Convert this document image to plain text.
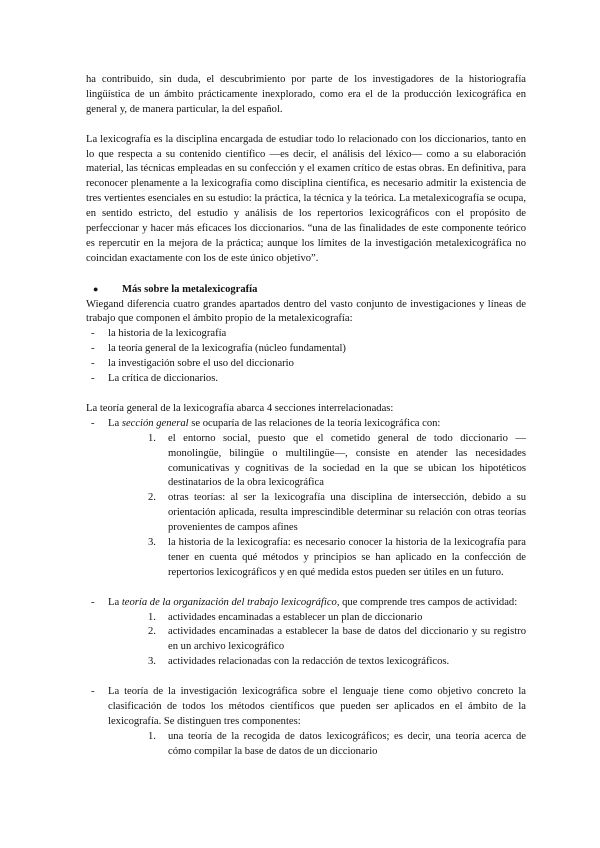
ha contribuido, sin duda, el descubrimiento por parte de los investigadores de la historiografía lingüística de un ámbito prácticamente inexplorado, como era el de la producción lexicográfica en general y, de manera particular, la del español.

La lexicografía es la disciplina encargada de estudiar todo lo relacionado con los diccionarios, tanto en lo que respecta a su contenido científico —es decir, el análisis del léxico— como a su elaboración material, las técnicas empleadas en su confección y el examen crítico de estas obras. En definitiva, para reconocer plenamente a la lexicografía como disciplina científica, es necesario admitir la existencia de tres vertientes esenciales en su estudio: la práctica, la técnica y la teórica. La metalexicografía se ocupa, en sentido estricto, del estudio y análisis de los repertorios lexicográficos con el propósito de perfeccionar y hacer más eficaces los diccionarios. “una de las finalidades de este componente teórico es repercutir en la mejora de la práctica; aunque los límites de la investigación metalexicográfica no coincidan exactamente con los de este único objetivo”.

●	Más sobre la metalexicografía

Wiegand diferencia cuatro grandes apartados dentro del vasto conjunto de investigaciones y líneas de trabajo que componen el ámbito propio de la metalexicografía:

-	la historia de la lexicografía
-	la teoría general de la lexicografía (núcleo fundamental)
-	la investigación sobre el uso del diccionario
-	La crítica de diccionarios.

La teoría general de la lexicografía abarca 4 secciones interrelacionadas:

-	La sección general se ocuparía de las relaciones de la teoría lexicográfica con:

1.	el entorno social, puesto que el cometido general de todo diccionario —monolingüe, bilingüe o multilingüe—, consiste en atender las necesidades comunicativas y cognitivas de la sociedad en la que se ubican los hipotéticos destinatarios de la obra lexicográfica
2.	otras teorías: al ser la lexicografía una disciplina de intersección, debido a su orientación aplicada, resulta imprescindible determinar su relación con otras teorías provenientes de campos afines
3.	la historia de la lexicografía: es necesario conocer la historia de la lexicografía para tener en cuenta qué métodos y principios se han aplicado en la confección de repertorios lexicográficos y en qué medida estos pueden ser útiles en un futuro.
-	La teoría de la organización del trabajo lexicográfico, que comprende tres campos de actividad:

1.	actividades encaminadas a establecer un plan de diccionario
2.	actividades encaminadas a establecer la base de datos del diccionario y su registro en un archivo lexicográfico
3.	actividades relacionadas con la redacción de textos lexicográficos.
-	La teoría de la investigación lexicográfica sobre el lenguaje tiene como objetivo concreto la clasificación de todos los métodos científicos que pueden ser aplicados en el ámbito de la lexicografía. Se distinguen tres componentes:

1.	una teoría de la recogida de datos lexicográficos; es decir, una teoría acerca de cómo compilar la base de datos de un diccionario
